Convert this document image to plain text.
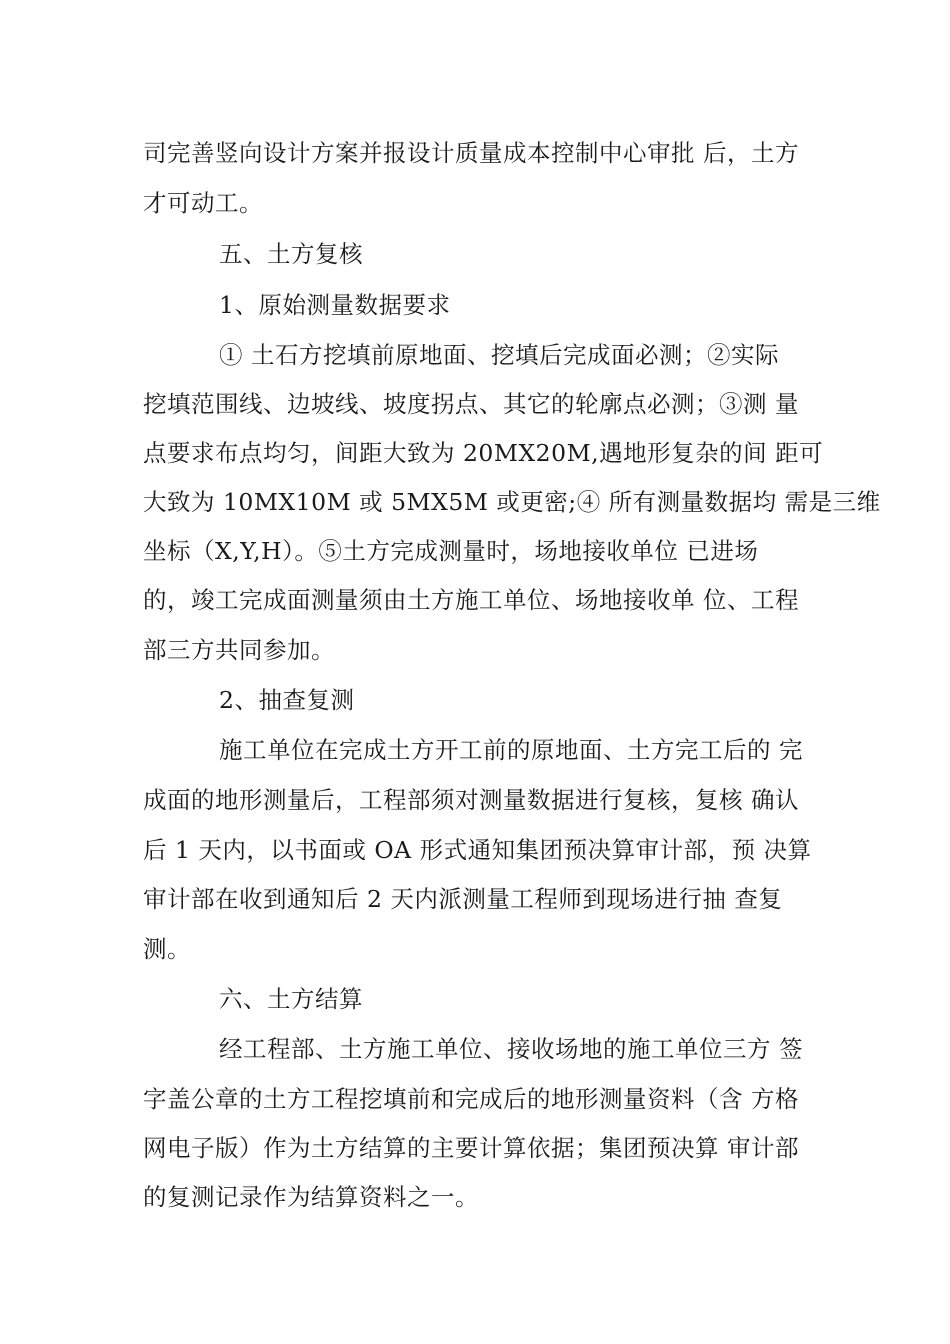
司完善竖向设计方案并报设计质量成本控制中心审批 后，土方
才可动工。
五、土方复核
1、原始测量数据要求
① 土石方挖填前原地面、挖填后完成面必测；②实际
挖填范围线、边坡线、坡度拐点、其它的轮廓点必测；③测 量
点要求布点均匀，间距大致为 20MX20M,遇地形复杂的间 距可
大致为 10MX10M 或 5MX5M 或更密;④ 所有测量数据均 需是三维
坐标（X,Y,H）。⑤土方完成测量时，场地接收单位 已进场
的，竣工完成面测量须由土方施工单位、场地接收单 位、工程
部三方共同参加。
2、抽查复测
施工单位在完成土方开工前的原地面、土方完工后的 完
成面的地形测量后，工程部须对测量数据进行复核，复核 确认
后 1 天内，以书面或 OA 形式通知集团预决算审计部，预 决算
审计部在收到通知后 2 天内派测量工程师到现场进行抽 查复
测。
六、土方结算
经工程部、土方施工单位、接收场地的施工单位三方 签
字盖公章的土方工程挖填前和完成后的地形测量资料（含 方格
网电子版）作为土方结算的主要计算依据；集团预决算 审计部
的复测记录作为结算资料之一。
